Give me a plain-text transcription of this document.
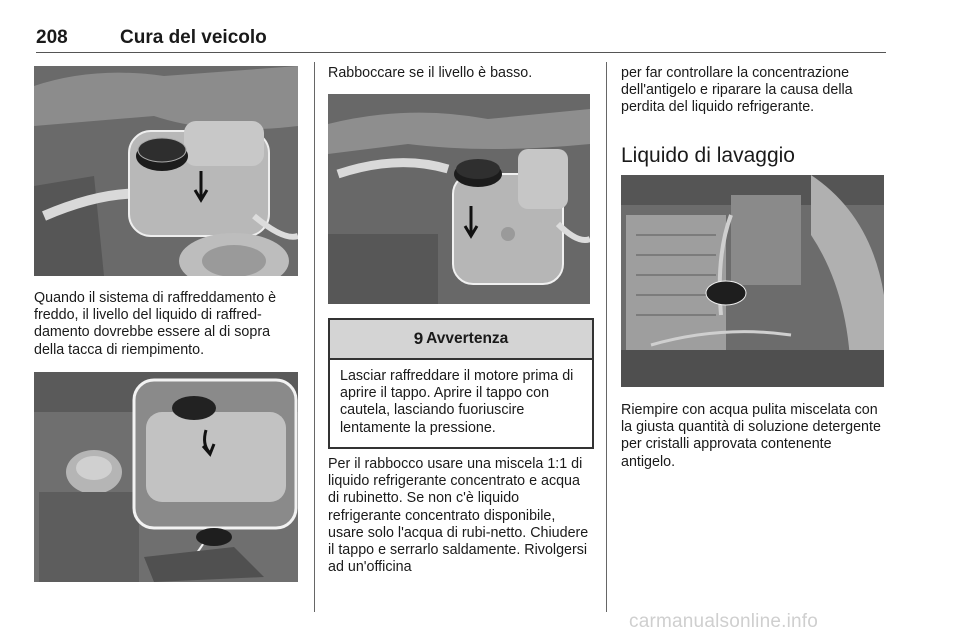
208	Cura del veicolo

Quando il sistema di raffreddamento è freddo, il livello del liquido di raffred-damento dovrebbe essere al di sopra della tacca di riempimento.

Rabboccare se il livello è basso.

9 Avvertenza
Lasciar raffreddare il motore prima di aprire il tappo. Aprire il tappo con cautela, lasciando fuoriuscire lentamente la pressione.

Per il rabbocco usare una miscela 1:1 di liquido refrigerante concentrato e acqua di rubinetto. Se non c'è liquido refrigerante concentrato disponibile, usare solo l'acqua di rubi-netto. Chiudere il tappo e serrarlo saldamente. Rivolgersi ad un'officina

per far controllare la concentrazione dell'antigelo e riparare la causa della perdita del liquido refrigerante.

Liquido di lavaggio

Riempire con acqua pulita miscelata con la giusta quantità di soluzione detergente per cristalli approvata contenente antigelo.

carmanualsonline.info
